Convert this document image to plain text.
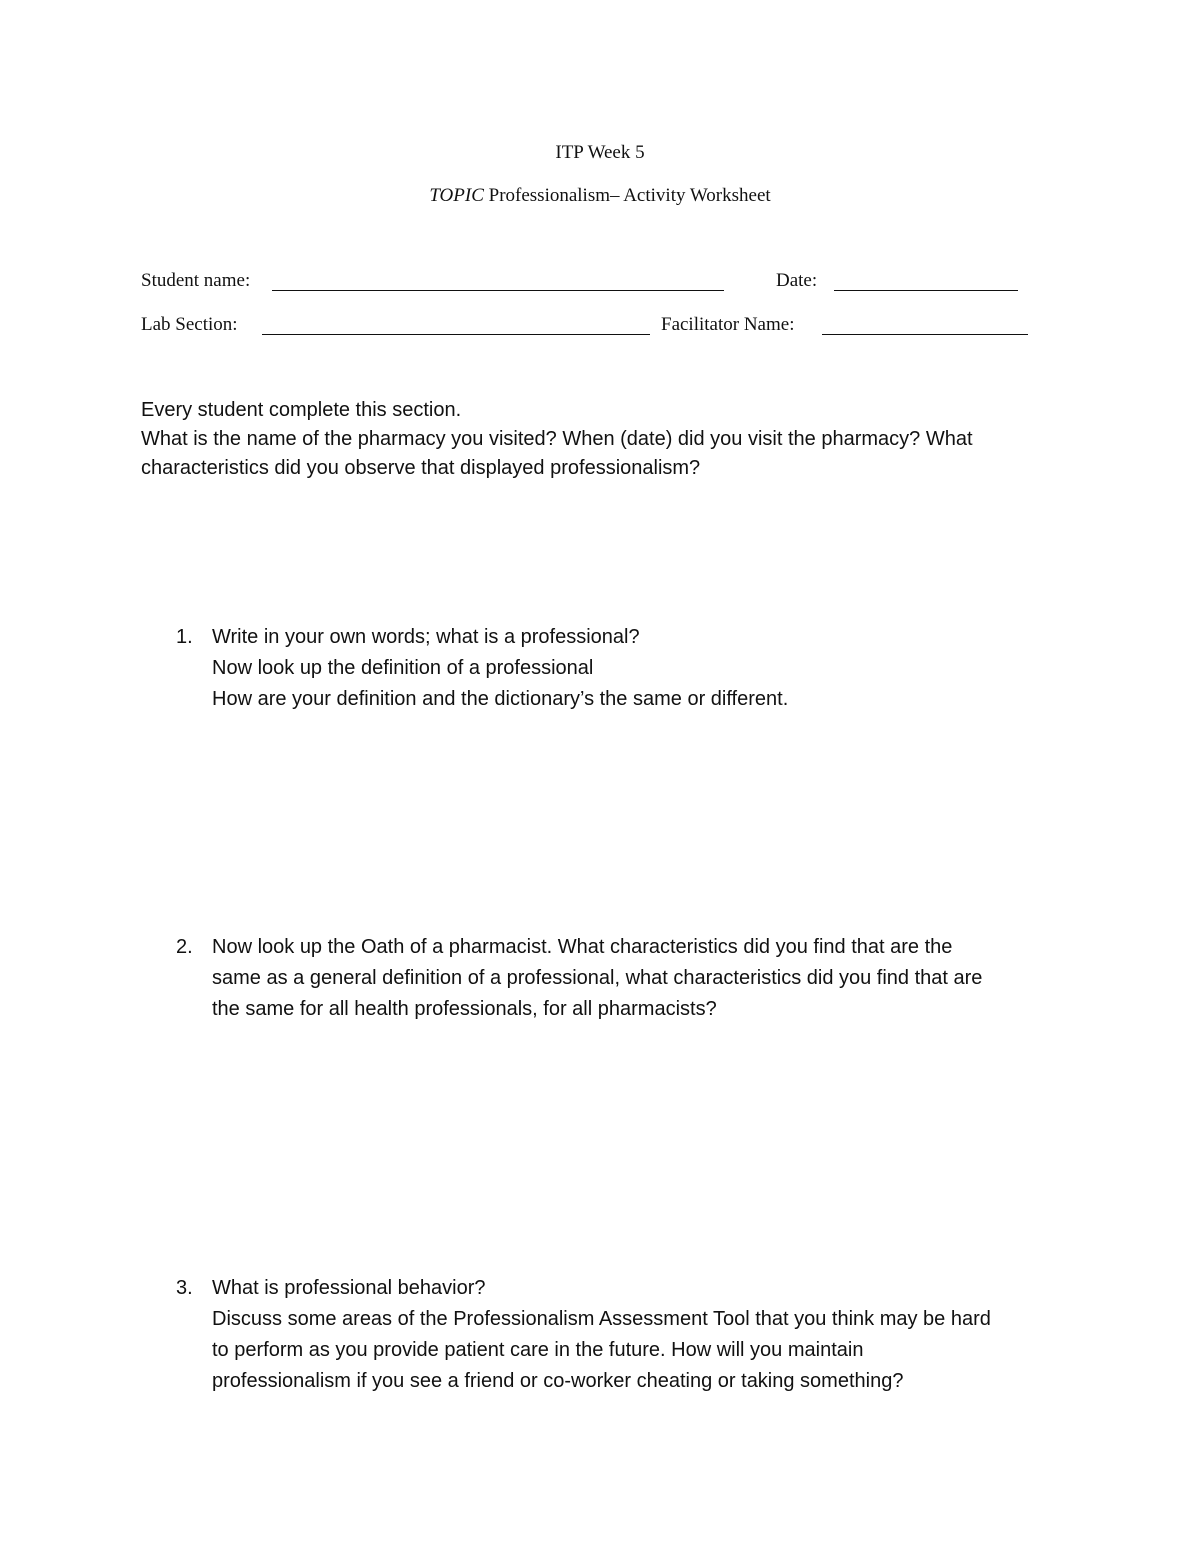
ITP Week 5
TOPIC Professionalism– Activity Worksheet
Student name:	Date:
Lab Section:	Facilitator Name:
Every student complete this section.
What is the name of the pharmacy you visited? When (date) did you visit the pharmacy? What
characteristics did you observe that displayed professionalism?
1. Write in your own words; what is a professional?
Now look up the definition of a professional
How are your definition and the dictionary’s the same or different.
2. Now look up the Oath of a pharmacist. What characteristics did you find that are the
same as a general definition of a professional, what characteristics did you find that are
the same for all health professionals, for all pharmacists?
3. What is professional behavior?
Discuss some areas of the Professionalism Assessment Tool that you think may be hard
to perform as you provide patient care in the future. How will you maintain
professionalism if you see a friend or co-worker cheating or taking something?
